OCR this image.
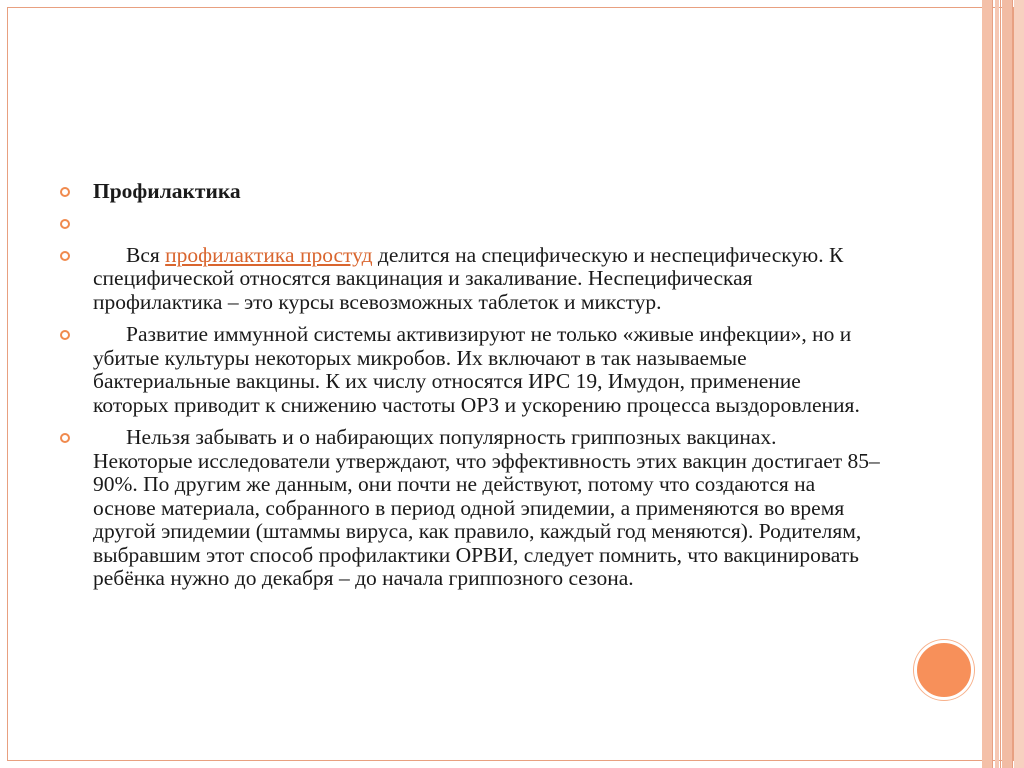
Профилактика
Вся профилактика простуд делится на специфическую и неспецифическую. К специфической относятся вакцинация и закаливание. Неспецифическая профилактика – это курсы всевозможных таблеток и микстур.
Развитие иммунной системы активизируют не только «живые инфекции», но и убитые культуры некоторых микробов. Их включают в так называемые бактериальные вакцины. К их числу относятся ИРС 19, Имудон, применение которых приводит к снижению частоты ОРЗ и ускорению процесса выздоровления.
Нельзя забывать и о набирающих популярность гриппозных вакцинах. Некоторые исследователи утверждают, что эффективность этих вакцин достигает 85–90%. По другим же данным, они почти не действуют, потому что создаются на основе материала, собранного в период одной эпидемии, а применяются во время другой эпидемии (штаммы вируса, как правило, каждый год меняются). Родителям, выбравшим этот способ профилактики ОРВИ, следует помнить, что вакцинировать ребёнка нужно до декабря – до начала гриппозного сезона.
